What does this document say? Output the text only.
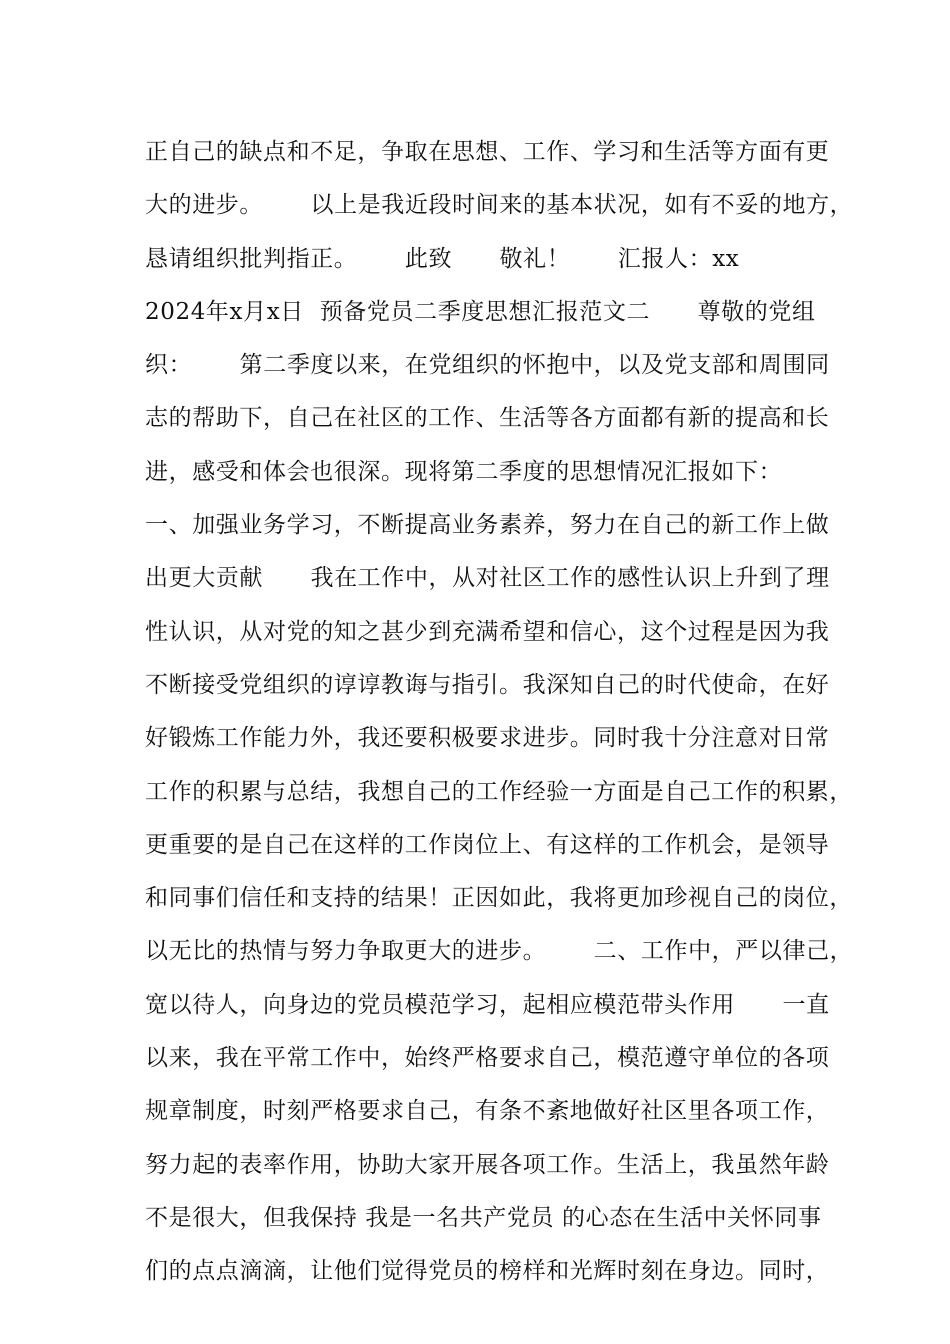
正自己的缺点和不足，争取在思想、工作、学习和生活等方面有更
大的进步。      以上是我近段时间来的基本状况，如有不妥的地方，
恳请组织批判指正。      此致      敬礼！      汇报人：xx
2024年x月x日  预备党员二季度思想汇报范文二      尊敬的党组
织：      第二季度以来，在党组织的怀抱中，以及党支部和周围同
志的帮助下，自己在社区的工作、生活等各方面都有新的提高和长
进，感受和体会也很深。现将第二季度的思想情况汇报如下：
一、加强业务学习，不断提高业务素养，努力在自己的新工作上做
出更大贡献      我在工作中，从对社区工作的感性认识上升到了理
性认识，从对党的知之甚少到充满希望和信心，这个过程是因为我
不断接受党组织的谆谆教诲与指引。我深知自己的时代使命，在好
好锻炼工作能力外，我还要积极要求进步。同时我十分注意对日常
工作的积累与总结，我想自己的工作经验一方面是自己工作的积累，
更重要的是自己在这样的工作岗位上、有这样的工作机会，是领导
和同事们信任和支持的结果！正因如此，我将更加珍视自己的岗位，
以无比的热情与努力争取更大的进步。      二、工作中，严以律己，
宽以待人，向身边的党员模范学习，起相应模范带头作用      一直
以来，我在平常工作中，始终严格要求自己，模范遵守单位的各项
规章制度，时刻严格要求自己，有条不紊地做好社区里各项工作，
努力起的表率作用，协助大家开展各项工作。生活上，我虽然年龄
不是很大，但我保持 我是一名共产党员 的心态在生活中关怀同事
们的点点滴滴，让他们觉得党员的榜样和光辉时刻在身边。同时，
